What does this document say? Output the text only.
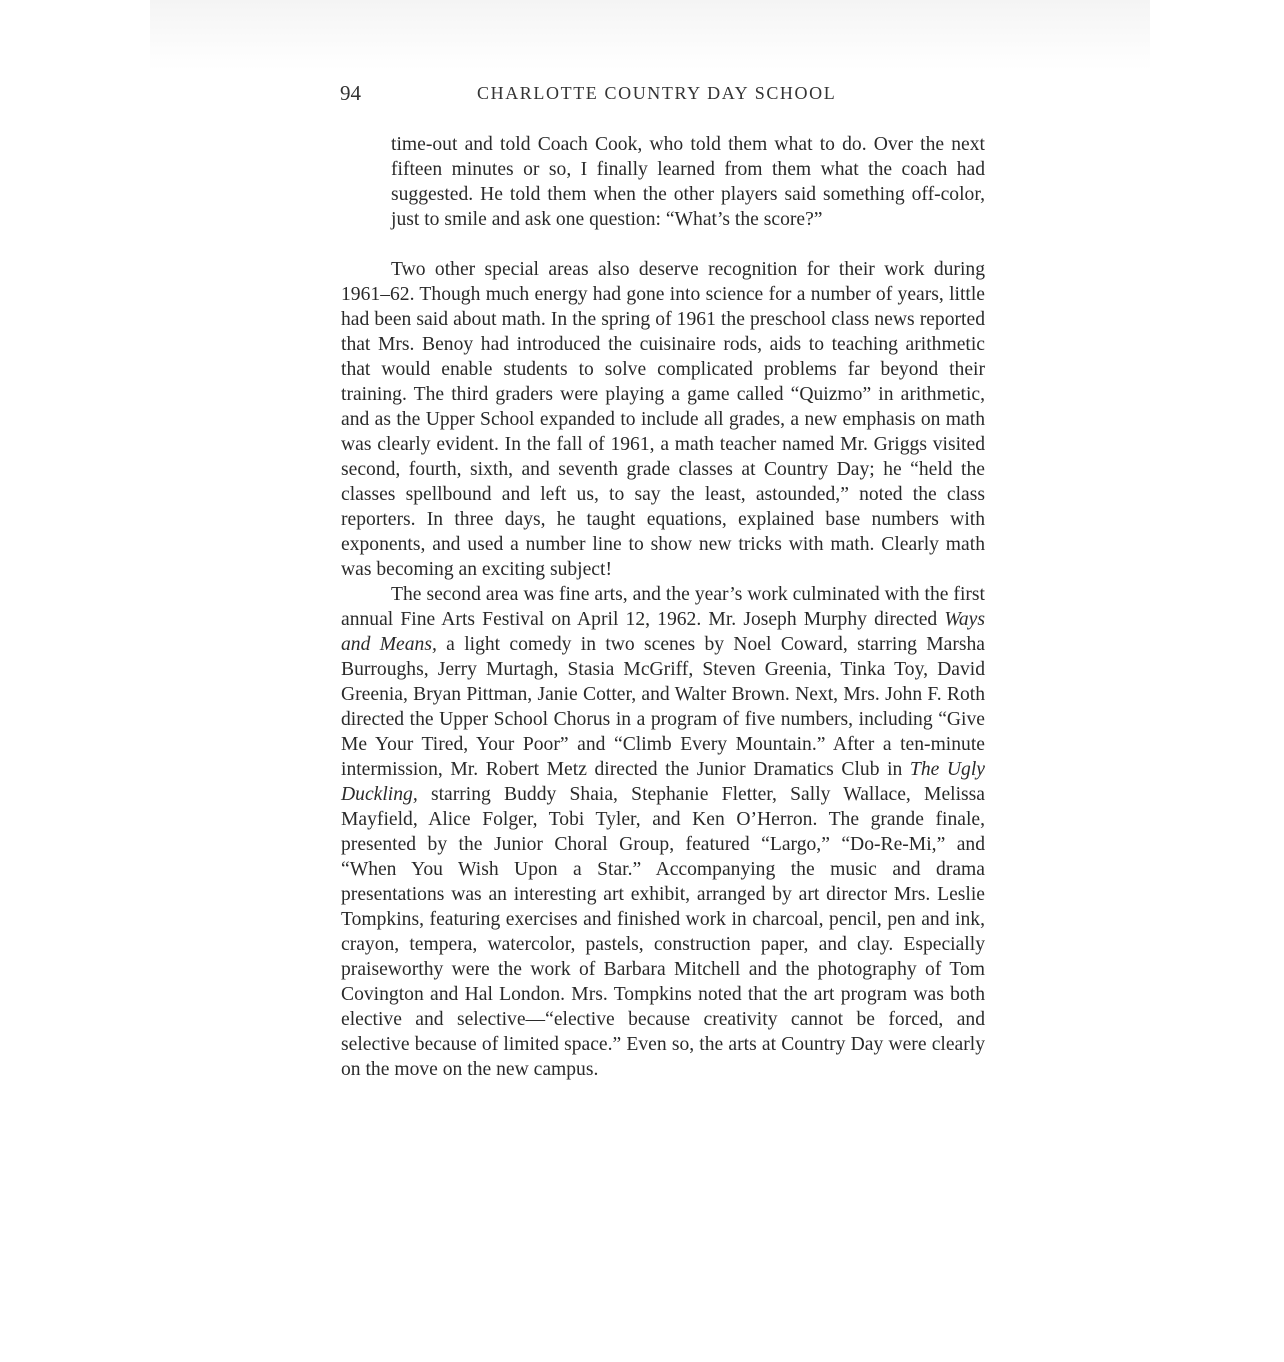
94	CHARLOTTE COUNTRY DAY SCHOOL

time-out and told Coach Cook, who told them what to do. Over the next fifteen minutes or so, I finally learned from them what the coach had suggested. He told them when the other players said something off-color, just to smile and ask one question: “What’s the score?”

Two other special areas also deserve recognition for their work during 1961–62. Though much energy had gone into science for a number of years, little had been said about math. In the spring of 1961 the preschool class news reported that Mrs. Benoy had introduced the cuisinaire rods, aids to teaching arithmetic that would enable students to solve complicated problems far beyond their training. The third graders were playing a game called “Quizmo” in arithmetic, and as the Upper School expanded to include all grades, a new emphasis on math was clearly evident. In the fall of 1961, a math teacher named Mr. Griggs visited second, fourth, sixth, and seventh grade classes at Country Day; he “held the classes spellbound and left us, to say the least, astounded,” noted the class reporters. In three days, he taught equations, explained base numbers with exponents, and used a number line to show new tricks with math. Clearly math was becoming an exciting subject!

The second area was fine arts, and the year’s work culminated with the first annual Fine Arts Festival on April 12, 1962. Mr. Joseph Murphy directed Ways and Means, a light comedy in two scenes by Noel Coward, starring Marsha Burroughs, Jerry Murtagh, Stasia McGriff, Steven Greenia, Tinka Toy, David Greenia, Bryan Pittman, Janie Cotter, and Walter Brown. Next, Mrs. John F. Roth directed the Upper School Chorus in a program of five numbers, including “Give Me Your Tired, Your Poor” and “Climb Every Mountain.” After a ten-minute intermission, Mr. Robert Metz directed the Junior Dramatics Club in The Ugly Duckling, starring Buddy Shaia, Stephanie Fletter, Sally Wallace, Melissa Mayfield, Alice Folger, Tobi Tyler, and Ken O’Herron. The grande finale, presented by the Junior Choral Group, featured “Largo,” “Do-Re-Mi,” and “When You Wish Upon a Star.” Accompanying the music and drama presentations was an interesting art exhibit, arranged by art director Mrs. Leslie Tompkins, featuring exercises and finished work in charcoal, pencil, pen and ink, crayon, tempera, watercolor, pastels, construction paper, and clay. Especially praiseworthy were the work of Barbara Mitchell and the photography of Tom Covington and Hal London. Mrs. Tompkins noted that the art program was both elective and selective—“elective because creativity cannot be forced, and selective because of limited space.” Even so, the arts at Country Day were clearly on the move on the new campus.
